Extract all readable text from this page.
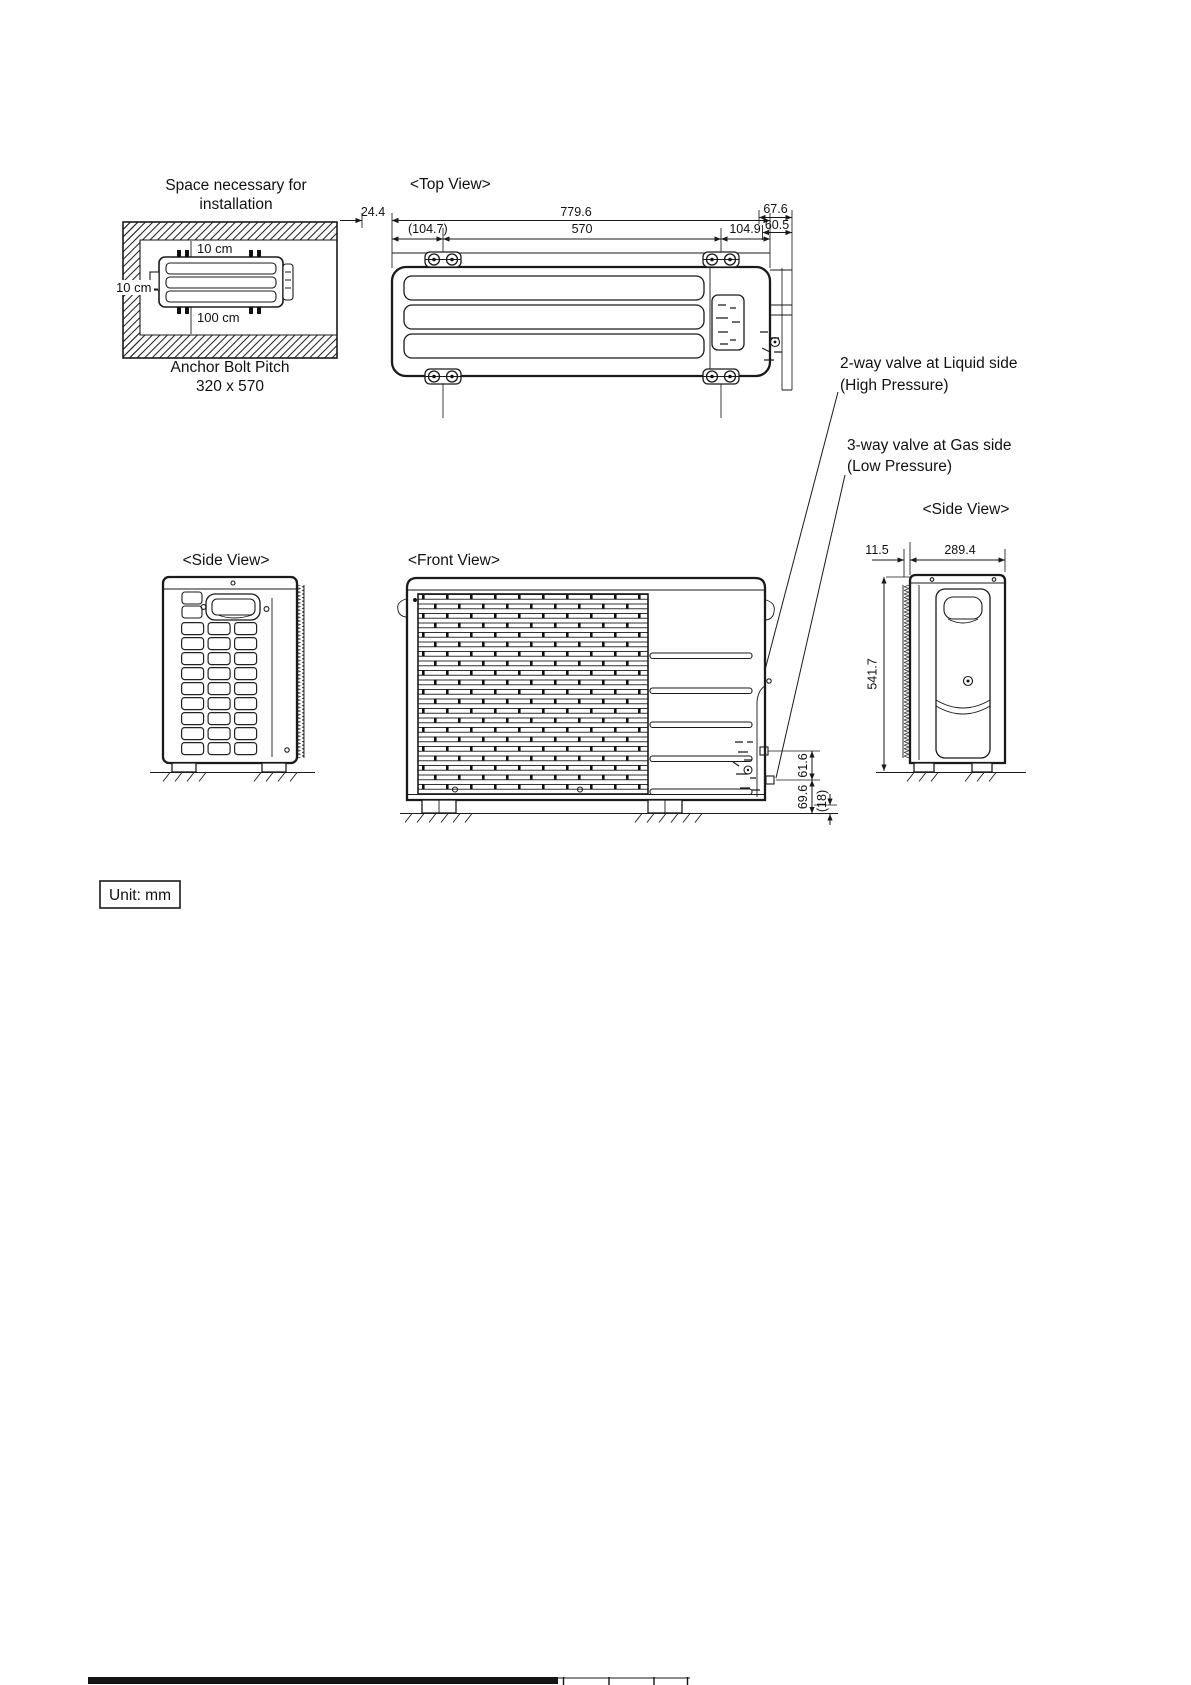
Space necessary for
installation
10 cm
10 cm
100 cm
Anchor Bolt Pitch
320 x 570
<Top View>
24.4	779.6
(104.7)	570	104.9
67.6
60.5
2-way valve at Liquid side
(High Pressure)
3-way valve at Gas side
(Low Pressure)
<Side View>	<Front View>
61.6
69.6 (18)
<Side View>
11.5	289.4
541.7
Unit: mm
